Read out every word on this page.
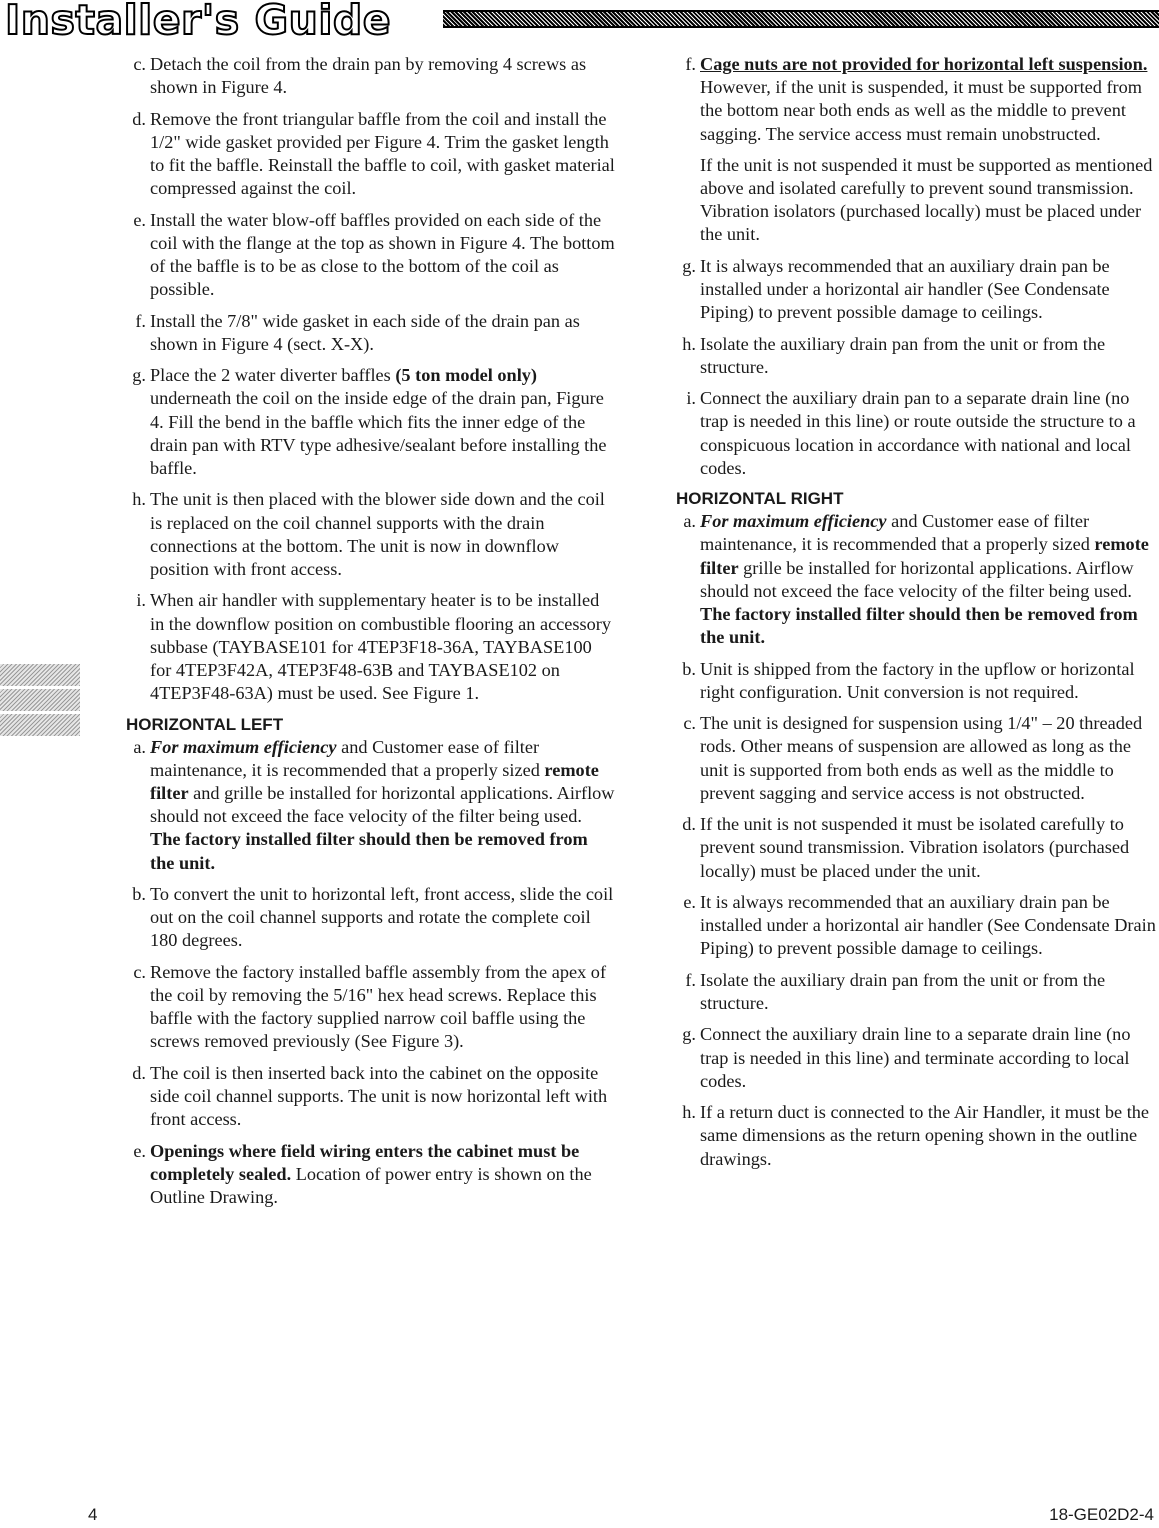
Installer's Guide
c. Detach the coil from the drain pan by removing 4 screws as shown in Figure 4.

d. Remove the front triangular baffle from the coil and install the 1/2" wide gasket provided per Figure 4. Trim the gasket length to fit the baffle. Reinstall the baffle to coil, with gasket material compressed against the coil.

e. Install the water blow-off baffles provided on each side of the coil with the flange at the top as shown in Figure 4. The bottom of the baffle is to be as close to the bottom of the coil as possible.

f. Install the 7/8" wide gasket in each side of the drain pan as shown in Figure 4 (sect. X-X).

g. Place the 2 water diverter baffles (5 ton model only) underneath the coil on the inside edge of the drain pan, Figure 4. Fill the bend in the baffle which fits the inner edge of the drain pan with RTV type adhesive/sealant before installing the baffle.

h. The unit is then placed with the blower side down and the coil is replaced on the coil channel supports with the drain connections at the bottom. The unit is now in downflow position with front access.

i. When air handler with supplementary heater is to be installed in the downflow position on combustible flooring an accessory subbase (TAYBASE101 for 4TEP3F18-36A, TAYBASE100 for 4TEP3F42A, 4TEP3F48-63B and TAYBASE102 on 4TEP3F48-63A) must be used. See Figure 1.

HORIZONTAL LEFT
a. For maximum efficiency and Customer ease of filter maintenance, it is recommended that a properly sized remote filter and grille be installed for horizontal applications. Airflow should not exceed the face velocity of the filter being used. The factory installed filter should then be removed from the unit.

b. To convert the unit to horizontal left, front access, slide the coil out on the coil channel supports and rotate the complete coil 180 degrees.

c. Remove the factory installed baffle assembly from the apex of the coil by removing the 5/16" hex head screws. Replace this baffle with the factory supplied narrow coil baffle using the screws removed previously (See Figure 3).

d. The coil is then inserted back into the cabinet on the opposite side coil channel supports. The unit is now horizontal left with front access.

e. Openings where field wiring enters the cabinet must be completely sealed. Location of power entry is shown on the Outline Drawing.

f. Cage nuts are not provided for horizontal left suspension. However, if the unit is suspended, it must be supported from the bottom near both ends as well as the middle to prevent sagging. The service access must remain unobstructed.

If the unit is not suspended it must be supported as mentioned above and isolated carefully to prevent sound transmission. Vibration isolators (purchased locally) must be placed under the unit.

g. It is always recommended that an auxiliary drain pan be installed under a horizontal air handler (See Condensate Piping) to prevent possible damage to ceilings.

h. Isolate the auxiliary drain pan from the unit or from the structure.

i. Connect the auxiliary drain pan to a separate drain line (no trap is needed in this line) or route outside the structure to a conspicuous location in accordance with national and local codes.

HORIZONTAL RIGHT
a. For maximum efficiency and Customer ease of filter maintenance, it is recommended that a properly sized remote filter grille be installed for horizontal applications. Airflow should not exceed the face velocity of the filter being used. The factory installed filter should then be removed from the unit.

b. Unit is shipped from the factory in the upflow or horizontal right configuration. Unit conversion is not required.

c. The unit is designed for suspension using 1/4" – 20 threaded rods. Other means of suspension are allowed as long as the unit is supported from both ends as well as the middle to prevent sagging and service access is not obstructed.

d. If the unit is not suspended it must be isolated carefully to prevent sound transmission. Vibration isolators (purchased locally) must be placed under the unit.

e. It is always recommended that an auxiliary drain pan be installed under a horizontal air handler (See Condensate Drain Piping) to prevent possible damage to ceilings.

f. Isolate the auxiliary drain pan from the unit or from the structure.

g. Connect the auxiliary drain line to a separate drain line (no trap is needed in this line) and terminate according to local codes.

h. If a return duct is connected to the Air Handler, it must be the same dimensions as the return opening shown in the outline drawings.

4	18-GE02D2-4
